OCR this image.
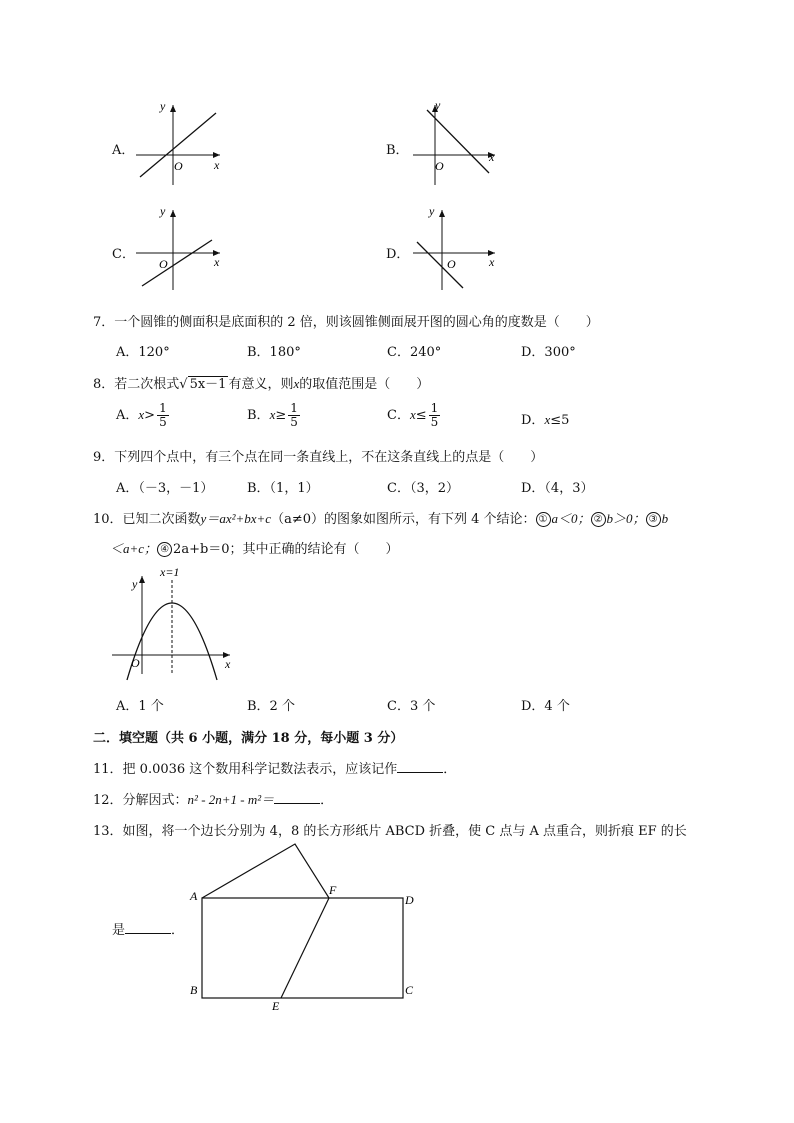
A．
y
x
O
B．
y
x
O
C．
y
x
O
D．
y
x
O
7．一个圆锥的侧面积是底面积的 2 倍，则该圆锥侧面展开图的圆心角的度数是（　　）
A．120°	B．180°	C．240°	D．300°
8．若二次根式√ 5x－1 有意义，则x的取值范围是（　　）
A．$x> \frac{1}{5}$	B．$x\ge \frac{1}{5}$	C．$x\le \frac{1}{5}$	D．x≤5
9．下列四个点中，有三个点在同一条直线上，不在这条直线上的点是（　　）
A．（－3，－1）	B．（1，1）	C．（3，2）	D．（4，3）
10．已知二次函数y＝ax²+bx+c（a≠0）的图象如图所示，有下列 4 个结论： ① a＜0； ② b＞0； ③ b
＜a+c； ④ 2a+b＝0；其中正确的结论有（　　）
y
x=1
x
O
A．1 个	B．2 个	C．3 个	D．4 个
二．填空题（共 6 小题，满分 18 分，每小题 3 分）
11．把 0.0036 这个数用科学记数法表示，应该记作	．
12．分解因式：n² - 2n+1 - m²＝	．
13．如图，将一个边长分别为 4，8 的长方形纸片 ABCD 折叠，使 C 点与 A 点重合，则折痕 EF 的长
是	．
A
B	C
D
E
F
